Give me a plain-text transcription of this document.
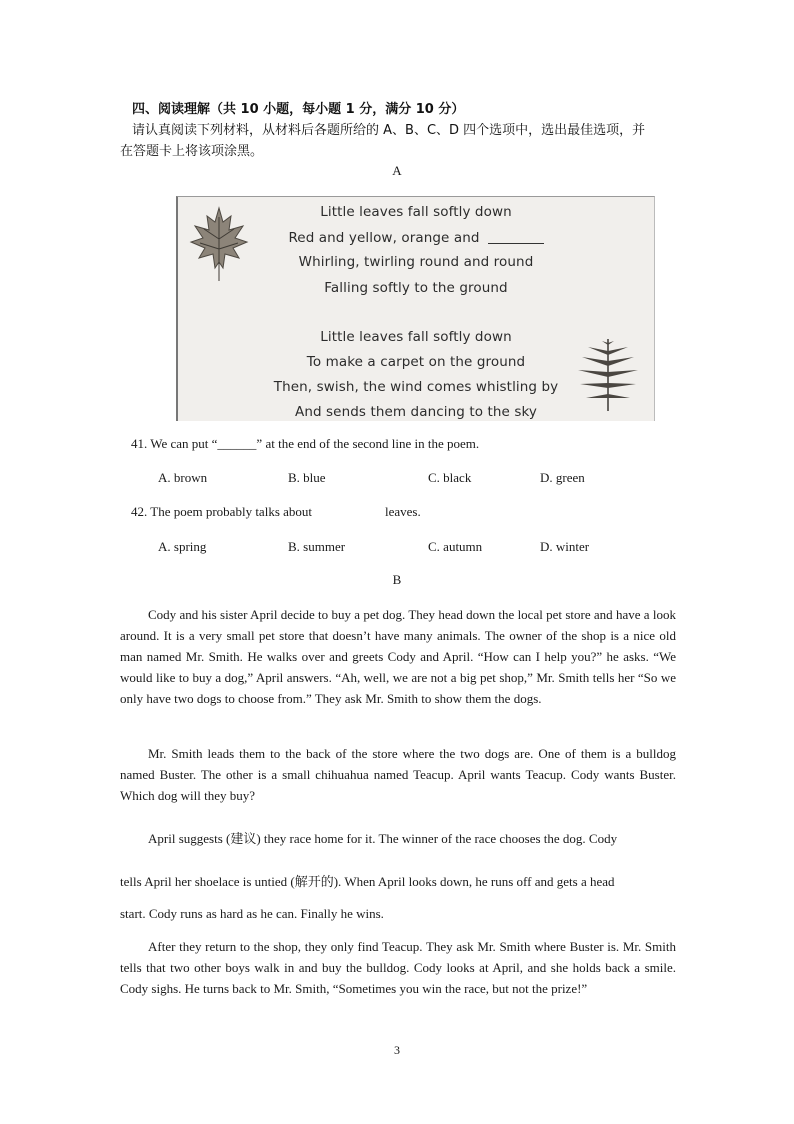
四、阅读理解（共 10 小题，每小题 1 分，满分 10 分）
请认真阅读下列材料，从材料后各题所给的 A、B、C、D 四个选项中，选出最佳选项，并
在答题卡上将该项涂黑。
A
Little leaves fall softly down
Red and yellow, orange and
Whirling, twirling round and round
Falling softly to the ground
Little leaves fall softly down
To make a carpet on the ground
Then, swish, the wind comes whistling by
And sends them dancing to the sky
41. We can put “______” at the end of the second line in the poem.
A. brown	B. blue	C. black	D. green
42. The poem probably talks about	leaves.
A. spring	B. summer	C. autumn	D. winter
B
Cody and his sister April decide to buy a pet dog. They head down the local pet store and have a look around. It is a very small pet store that doesn’t have many animals. The owner of the shop is a nice old man named Mr. Smith. He walks over and greets Cody and April. “How can I help you?” he asks. “We would like to buy a dog,” April answers. “Ah, well, we are not a big pet shop,” Mr. Smith tells her “So we only have two dogs to choose from.” They ask Mr. Smith to show them the dogs.
Mr. Smith leads them to the back of the store where the two dogs are. One of them is a bulldog named Buster. The other is a small chihuahua named Teacup. April wants Teacup. Cody wants Buster. Which dog will they buy?
April suggests (建议) they race home for it. The winner of the race chooses the dog. Cody
tells April her shoelace is untied (解开的). When April looks down, he runs off and gets a head
start. Cody runs as hard as he can. Finally he wins.
After they return to the shop, they only find Teacup. They ask Mr. Smith where Buster is. Mr. Smith tells that two other boys walk in and buy the bulldog. Cody looks at April, and she holds back a smile. Cody sighs. He turns back to Mr. Smith, “Sometimes you win the race, but not the prize!”
3
